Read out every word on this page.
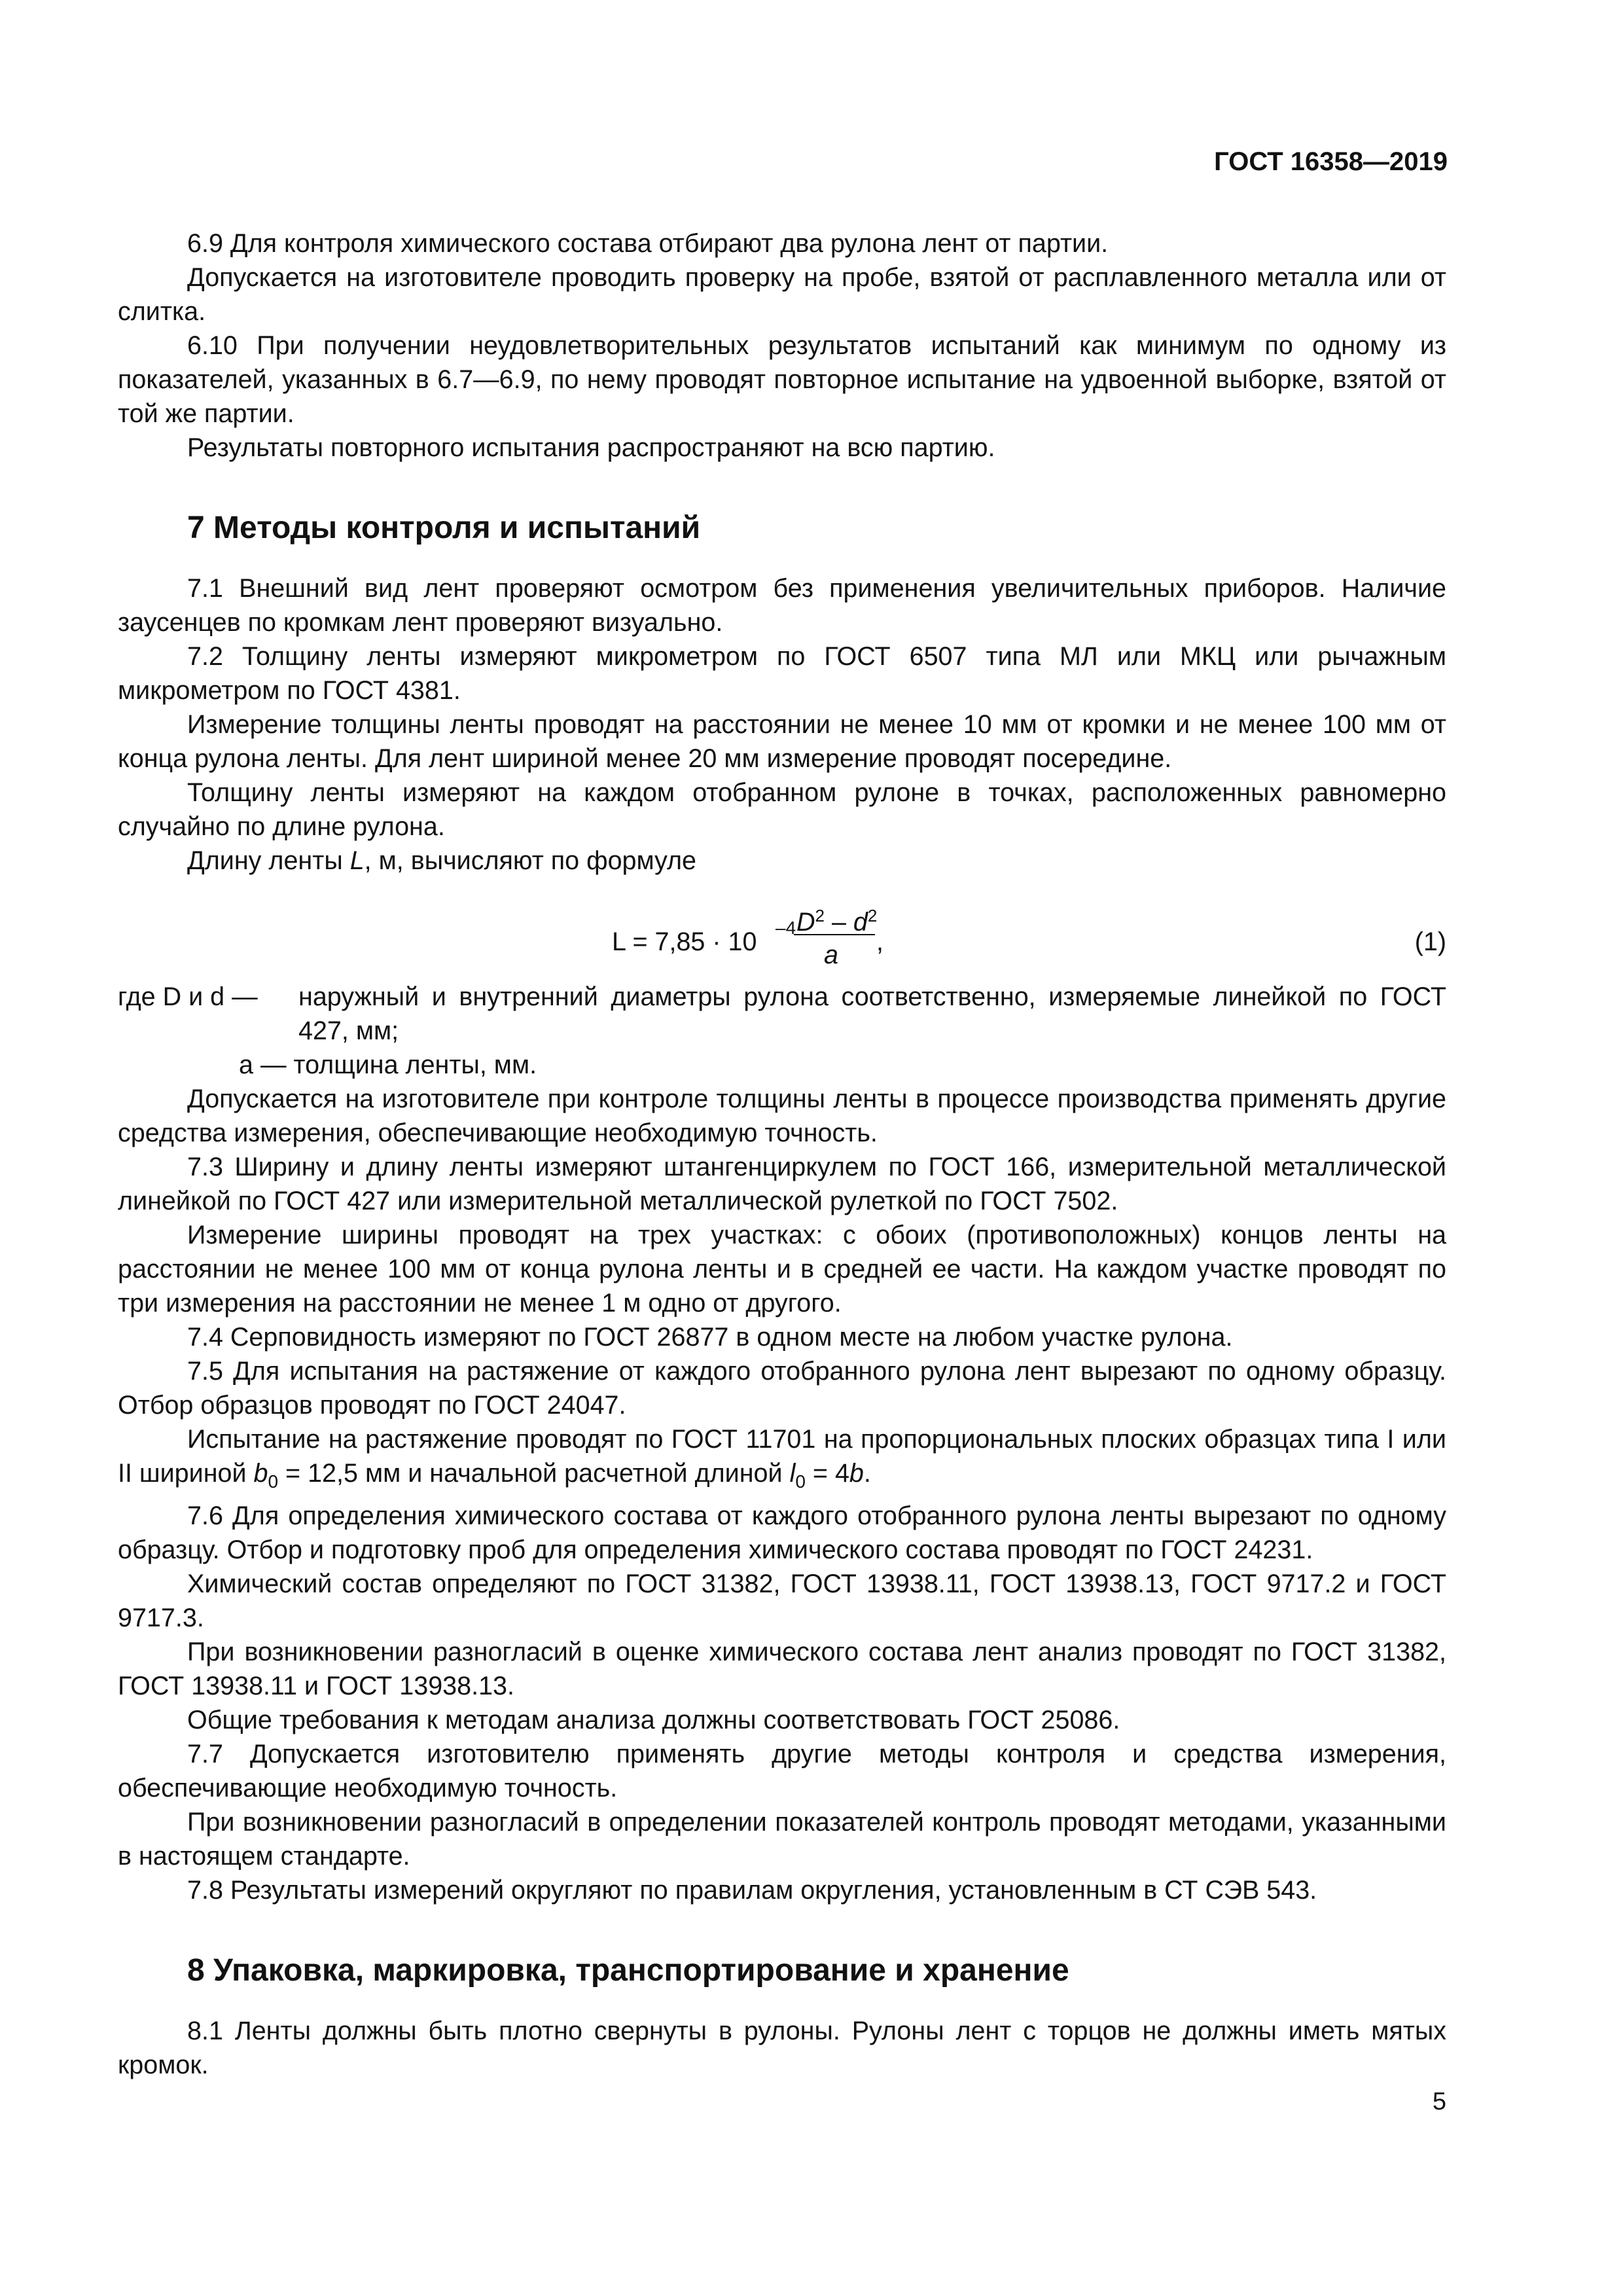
ГОСТ 16358—2019

6.9 Для контроля химического состава отбирают два рулона лент от партии.

Допускается на изготовителе проводить проверку на пробе, взятой от расплавленного металла или от слитка.

6.10 При получении неудовлетворительных результатов испытаний как минимум по одному из показателей, указанных в 6.7—6.9, по нему проводят повторное испытание на удвоенной выборке, взятой от той же партии.

Результаты повторного испытания распространяют на всю партию.

7 Методы контроля и испытаний

7.1 Внешний вид лент проверяют осмотром без применения увеличительных приборов. Наличие заусенцев по кромкам лент проверяют визуально.

7.2 Толщину ленты измеряют микрометром по ГОСТ 6507 типа МЛ или МКЦ или рычажным микрометром по ГОСТ 4381.

Измерение толщины ленты проводят на расстоянии не менее 10 мм от кромки и не менее 100 мм от конца рулона ленты. Для лент шириной менее 20 мм измерение проводят посередине.

Толщину ленты измеряют на каждом отобранном рулоне в точках, расположенных равномерно случайно по длине рулона.

Длину ленты L, м, вычисляют по формуле

L = 7,85 · 10 –4 $D^2 - d^2$
a ,	(1)
где D и d —	наружный и внутренний диаметры рулона соответственно, измеряемые линейкой по ГОСТ 427, мм;
a — толщина ленты, мм.

Допускается на изготовителе при контроле толщины ленты в процессе производства применять другие средства измерения, обеспечивающие необходимую точность.

7.3 Ширину и длину ленты измеряют штангенциркулем по ГОСТ 166, измерительной металлической линейкой по ГОСТ 427 или измерительной металлической рулеткой по ГОСТ 7502.

Измерение ширины проводят на трех участках: с обоих (противоположных) концов ленты на расстоянии не менее 100 мм от конца рулона ленты и в средней ее части. На каждом участке проводят по три измерения на расстоянии не менее 1 м одно от другого.

7.4 Серповидность измеряют по ГОСТ 26877 в одном месте на любом участке рулона.

7.5 Для испытания на растяжение от каждого отобранного рулона лент вырезают по одному образцу. Отбор образцов проводят по ГОСТ 24047.

Испытание на растяжение проводят по ГОСТ 11701 на пропорциональных плоских образцах типа I или II шириной $b_0 = 12,5$ мм и начальной расчетной длиной $l_0 = 4b$.

7.6 Для определения химического состава от каждого отобранного рулона ленты вырезают по одному образцу. Отбор и подготовку проб для определения химического состава проводят по ГОСТ 24231.

Химический состав определяют по ГОСТ 31382, ГОСТ 13938.11, ГОСТ 13938.13, ГОСТ 9717.2 и ГОСТ 9717.3.

При возникновении разногласий в оценке химического состава лент анализ проводят по ГОСТ 31382, ГОСТ 13938.11 и ГОСТ 13938.13.

Общие требования к методам анализа должны соответствовать ГОСТ 25086.

7.7 Допускается изготовителю применять другие методы контроля и средства измерения, обеспечивающие необходимую точность.

При возникновении разногласий в определении показателей контроль проводят методами, указанными в настоящем стандарте.

7.8 Результаты измерений округляют по правилам округления, установленным в СТ СЭВ 543.

8 Упаковка, маркировка, транспортирование и хранение

8.1 Ленты должны быть плотно свернуты в рулоны. Рулоны лент с торцов не должны иметь мятых кромок.

5
